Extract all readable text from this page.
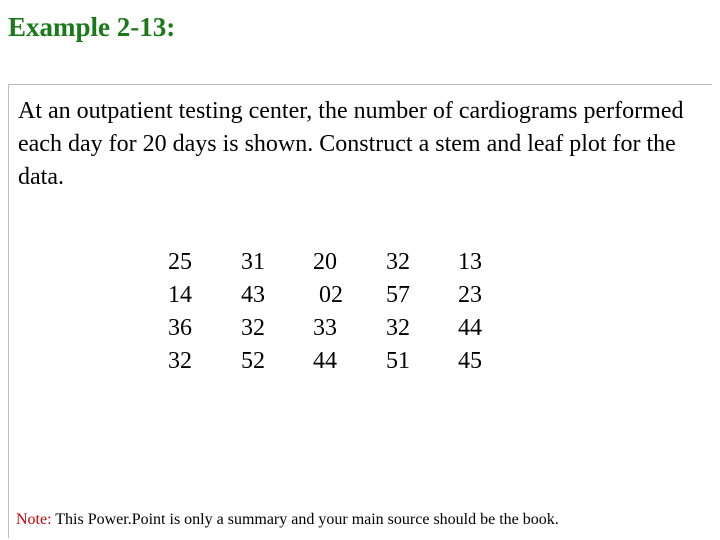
Example 2-13:
At an outpatient testing center, the number of cardiograms performed each day for 20 days is shown. Construct a stem and leaf plot for the data.
25
14
36
32
31
43
32
52
20
02
33
44
32
57
32
51
13
23
44
45
Note: This Power.Point is only a summary and your main source should be the book.
